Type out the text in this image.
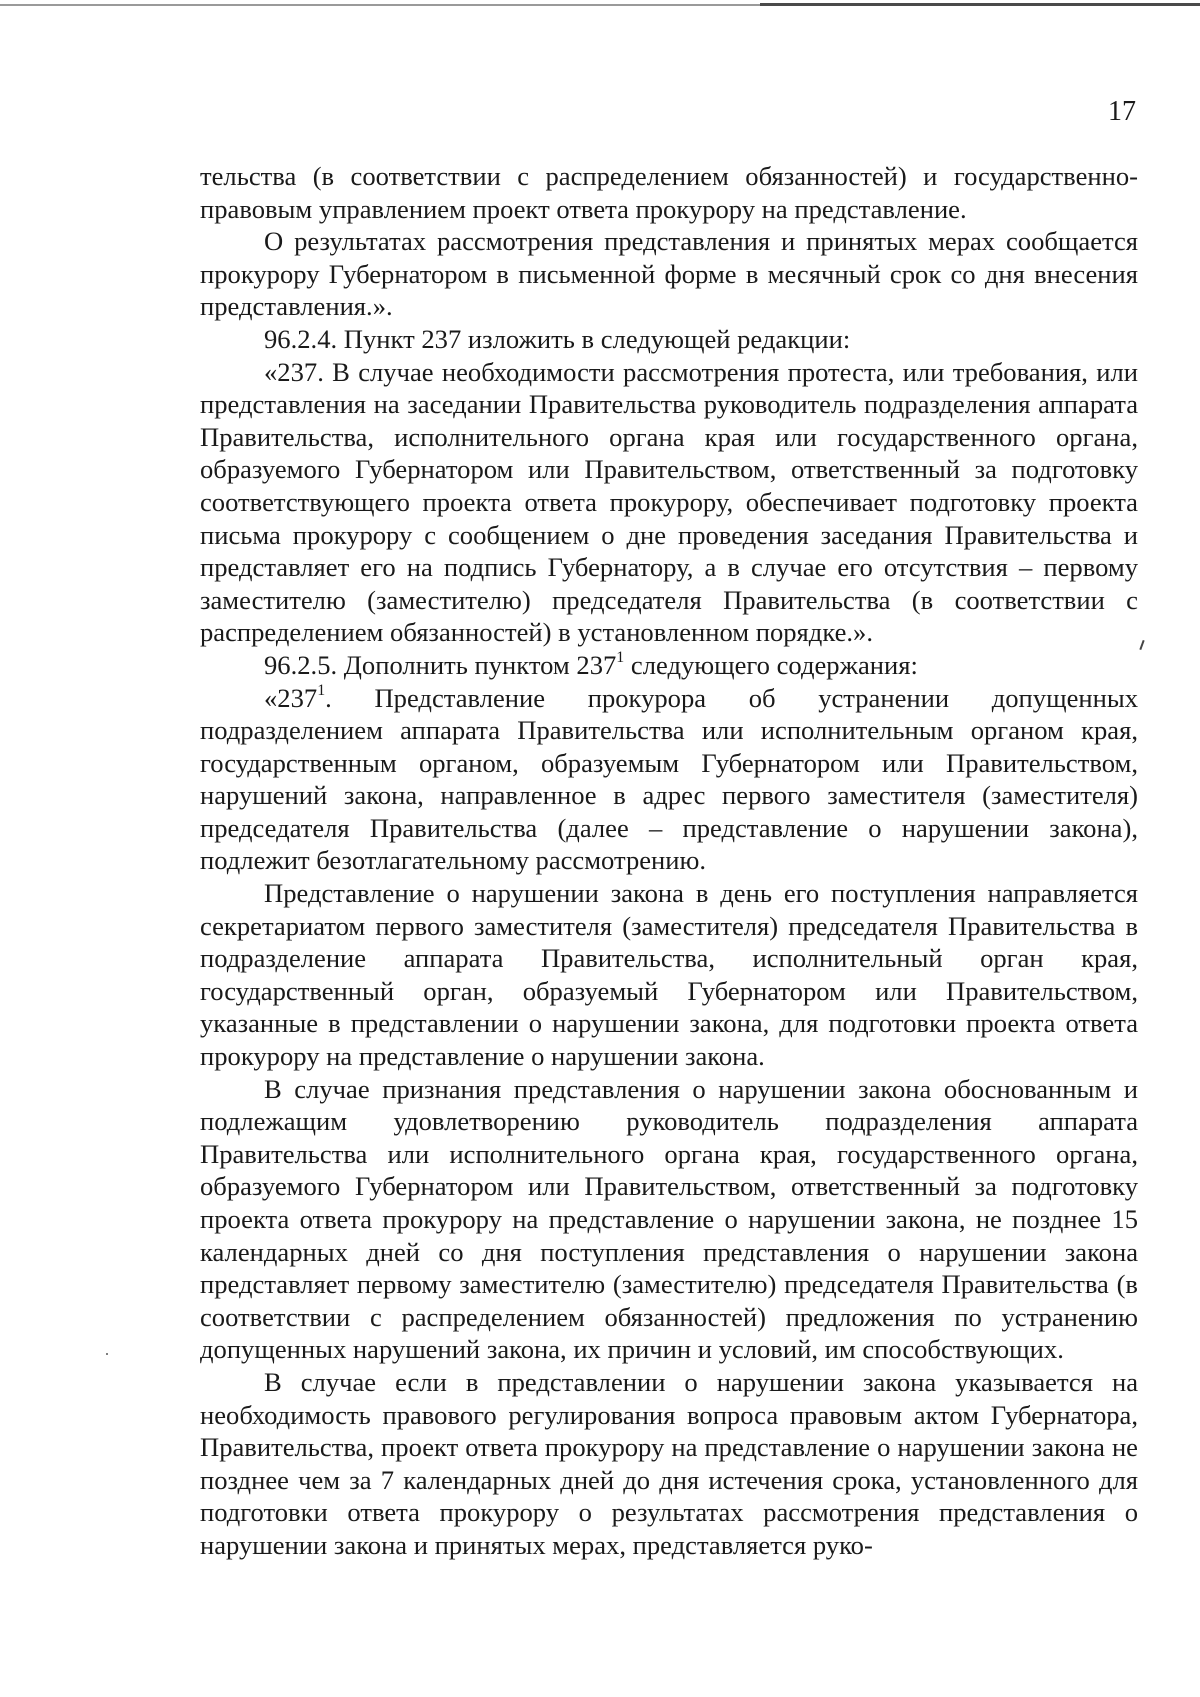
17

тельства (в соответствии с распределением обязанностей) и государственно-правовым управлением проект ответа прокурору на представление.

О результатах рассмотрения представления и принятых мерах сообщается прокурору Губернатором в письменной форме в месячный срок со дня внесения представления.».

96.2.4. Пункт 237 изложить в следующей редакции:

«237. В случае необходимости рассмотрения протеста, или требования, или представления на заседании Правительства руководитель подразделения аппарата Правительства, исполнительного органа края или государственного органа, образуемого Губернатором или Правительством, ответственный за подготовку соответствующего проекта ответа прокурору, обеспечивает подготовку проекта письма прокурору с сообщением о дне проведения заседания Правительства и представляет его на подпись Губернатору, а в случае его отсутствия – первому заместителю (заместителю) председателя Правительства (в соответствии с распределением обязанностей) в установленном порядке.».

96.2.5. Дополнить пунктом $237^1$ следующего содержания:

«$237^1$. Представление прокурора об устранении допущенных подразделением аппарата Правительства или исполнительным органом края, государственным органом, образуемым Губернатором или Правительством, нарушений закона, направленное в адрес первого заместителя (заместителя) председателя Правительства (далее – представление о нарушении закона), подлежит безотлагательному рассмотрению.

Представление о нарушении закона в день его поступления направляется секретариатом первого заместителя (заместителя) председателя Правительства в подразделение аппарата Правительства, исполнительный орган края, государственный орган, образуемый Губернатором или Правительством, указанные в представлении о нарушении закона, для подготовки проекта ответа прокурору на представление о нарушении закона.

В случае признания представления о нарушении закона обоснованным и подлежащим удовлетворению руководитель подразделения аппарата Правительства или исполнительного органа края, государственного органа, образуемого Губернатором или Правительством, ответственный за подготовку проекта ответа прокурору на представление о нарушении закона, не позднее 15 календарных дней со дня поступления представления о нарушении закона представляет первому заместителю (заместителю) председателя Правительства (в соответствии с распределением обязанностей) предложения по устранению допущенных нарушений закона, их причин и условий, им способствующих.

В случае если в представлении о нарушении закона указывается на необходимость правового регулирования вопроса правовым актом Губернатора, Правительства, проект ответа прокурору на представление о нарушении закона не позднее чем за 7 календарных дней до дня истечения срока, установленного для подготовки ответа прокурору о результатах рассмотрения представления о нарушении закона и принятых мерах, представляется руко-
